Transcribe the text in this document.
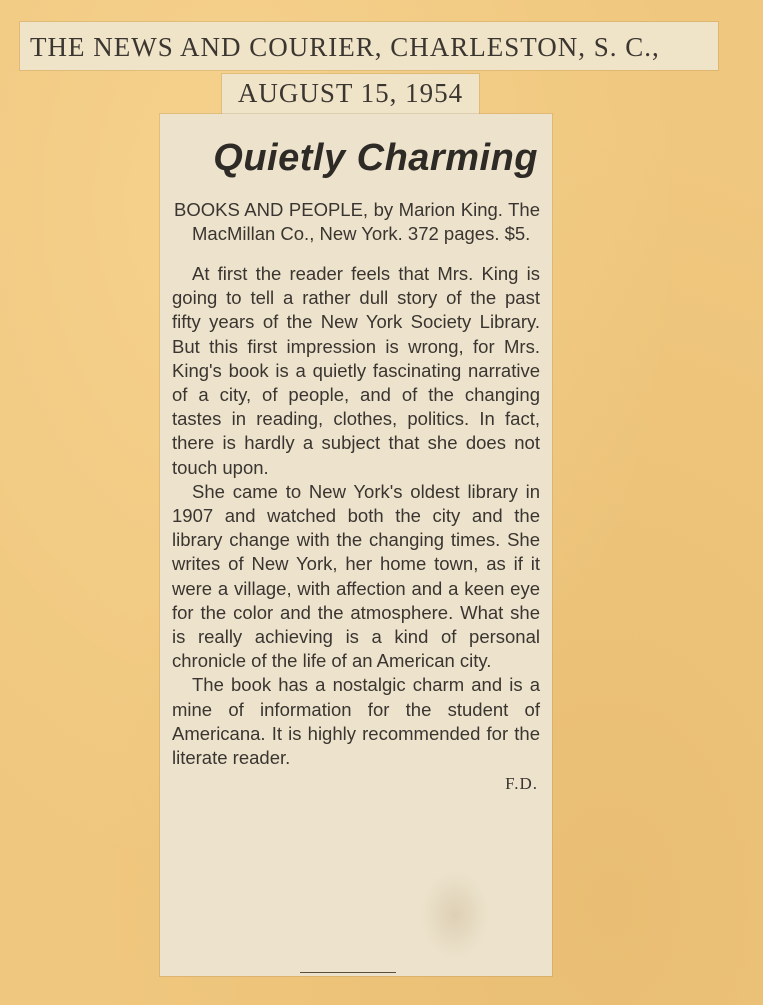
THE NEWS AND COURIER, CHARLESTON, S. C.,
AUGUST 15, 1954
Quietly Charming

BOOKS AND PEOPLE, by Marion King. The MacMillan Co., New York. 372 pages. $5.

At first the reader feels that Mrs. King is going to tell a rather dull story of the past fifty years of the New York Society Library. But this first impression is wrong, for Mrs. King's book is a quietly fascinating narrative of a city, of people, and of the changing tastes in reading, clothes, politics. In fact, there is hardly a subject that she does not touch upon.

She came to New York's oldest library in 1907 and watched both the city and the library change with the changing times. She writes of New York, her home town, as if it were a village, with affection and a keen eye for the color and the atmosphere. What she is really achieving is a kind of personal chronicle of the life of an American city.

The book has a nostalgic charm and is a mine of information for the student of Americana. It is highly recommended for the literate reader.

F.D.
